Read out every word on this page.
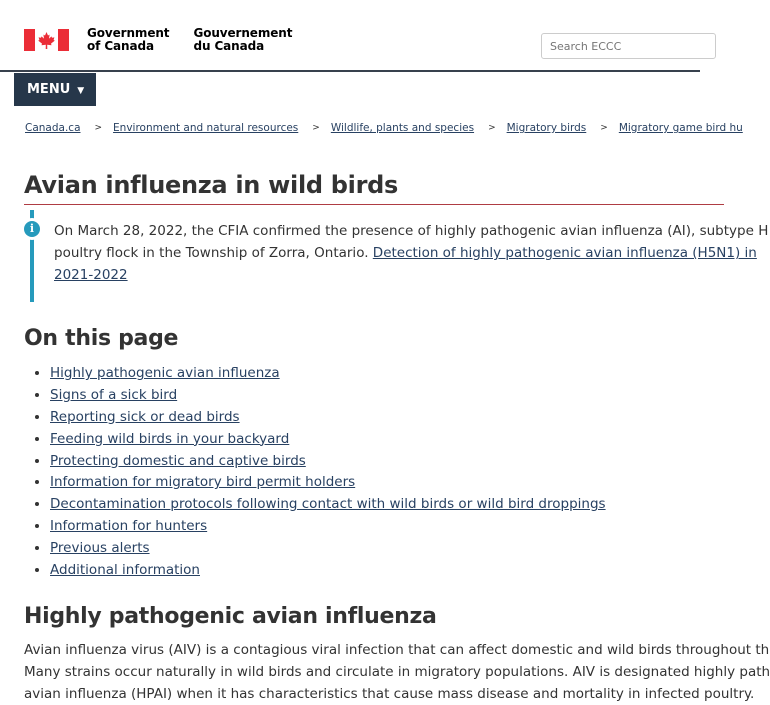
Government
of Canada
Gouvernement
du Canada
Search ECCC
MENU ▼
Canada.ca > Environment and natural resources > Wildlife, plants and species > Migratory birds > Migratory game bird hu
Avian influenza in wild birds
i	On March 28, 2022, the CFIA confirmed the presence of highly pathogenic avian influenza (AI), subtype H
poultry flock in the Township of Zorra, Ontario. Detection of highly pathogenic avian influenza (H5N1) in
2021-2022
On this page
• Highly pathogenic avian influenza
• Signs of a sick bird
• Reporting sick or dead birds
• Feeding wild birds in your backyard
• Protecting domestic and captive birds
• Information for migratory bird permit holders
• Decontamination protocols following contact with wild birds or wild bird droppings
• Information for hunters
• Previous alerts
• Additional information
Highly pathogenic avian influenza

Avian influenza virus (AIV) is a contagious viral infection that can affect domestic and wild birds throughout th
Many strains occur naturally in wild birds and circulate in migratory populations. AIV is designated highly path
avian influenza (HPAI) when it has characteristics that cause mass disease and mortality in infected poultry.
